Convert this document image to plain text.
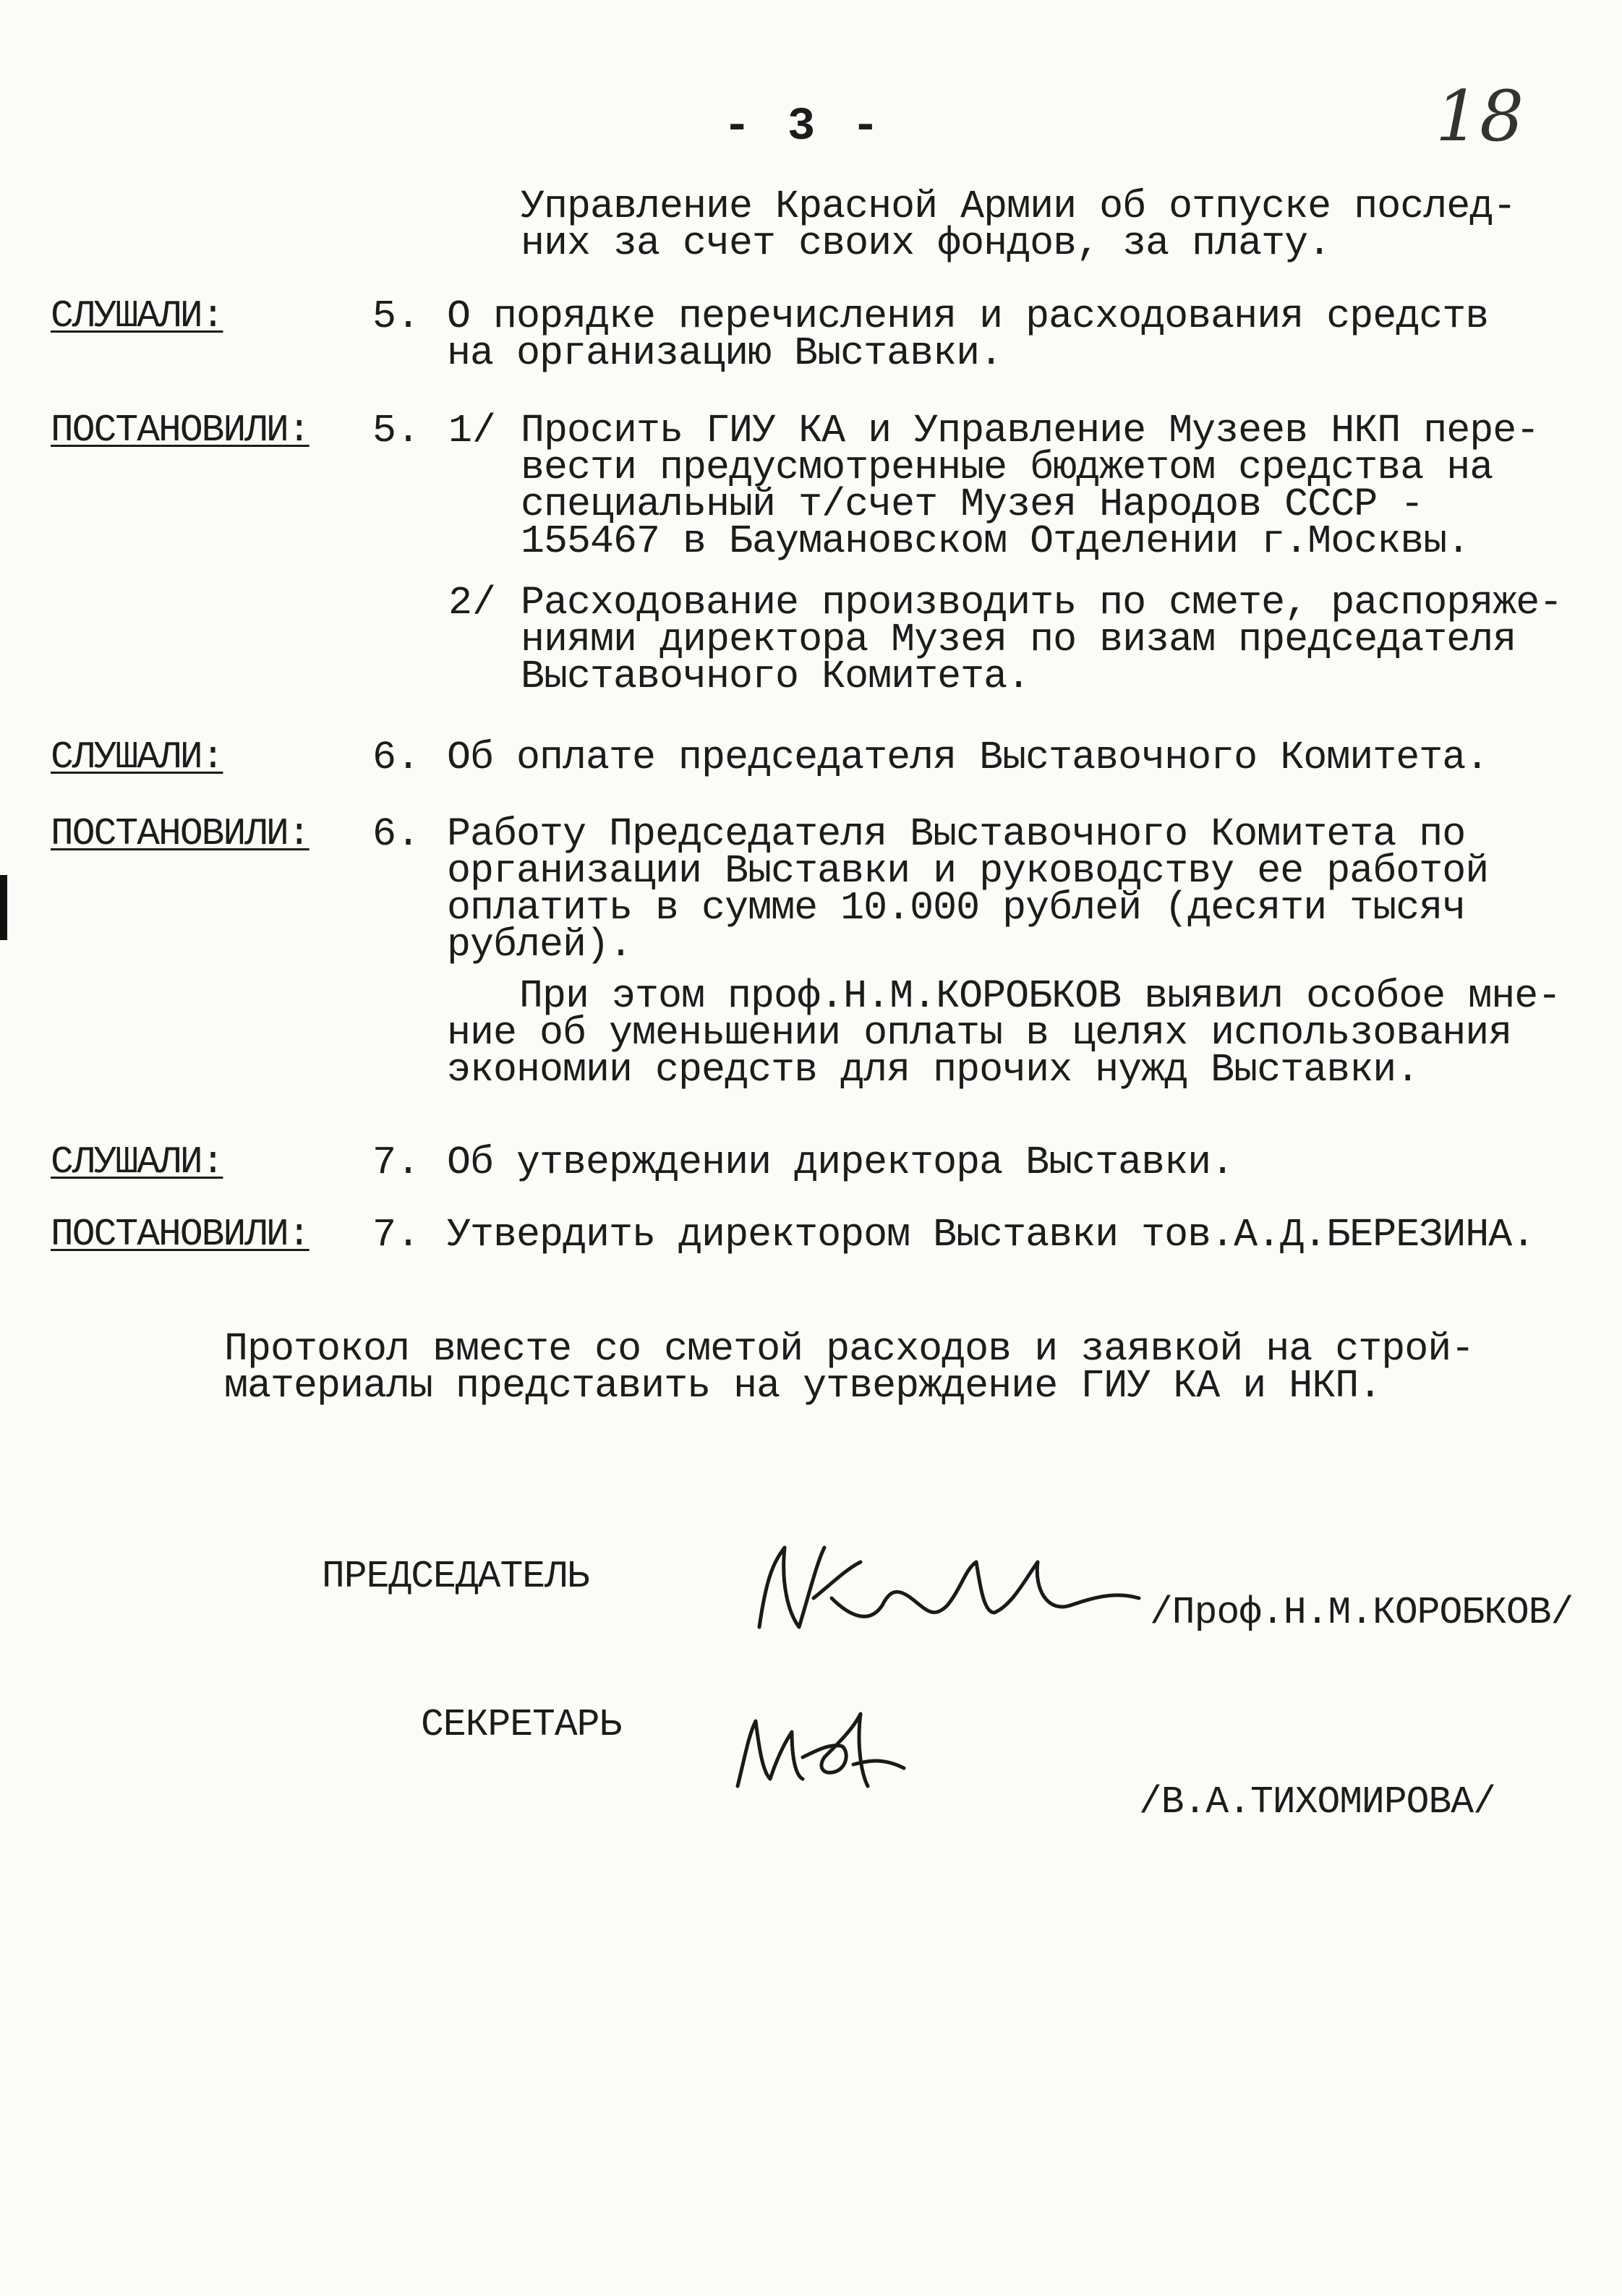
- 3 -	18
Управление Красной Армии об отпуске послед-
них за счет своих фондов, за плату.
СЛУШАЛИ:	5. О порядке перечисления и расходования средств
на организацию Выставки.
ПОСТАНОВИЛИ: 5. 1/ Просить ГИУ КА и Управление Музеев НКП пере-
вести предусмотренные бюджетом средства на
специальный т/счет Музея Народов СССР -
155467 в Баумановском Отделении г.Москвы.
2/ Расходование производить по смете, распоряже-
ниями директора Музея по визам председателя
Выставочного Комитета.
СЛУШАЛИ:	6. Об оплате председателя Выставочного Комитета.
ПОСТАНОВИЛИ: 6. Работу Председателя Выставочного Комитета по
организации Выставки и руководству ее работой
оплатить в сумме 10.000 рублей (десяти тысяч
рублей).
При этом проф.Н.М.КОРОБКОВ выявил особое мне-
ние об уменьшении оплаты в целях использования
экономии средств для прочих нужд Выставки.
СЛУШАЛИ:	7. Об утверждении директора Выставки.
ПОСТАНОВИЛИ: 7. Утвердить директором Выставки тов.А.Д.БЕРЕЗИНА.
Протокол вместе со сметой расходов и заявкой на строй-
материалы представить на утверждение ГИУ КА и НКП.
ПРЕДСЕДАТЕЛЬ
/Проф.Н.М.КОРОБКОВ/
СЕКРЕТАРЬ
/В.А.ТИХОМИРОВА/
